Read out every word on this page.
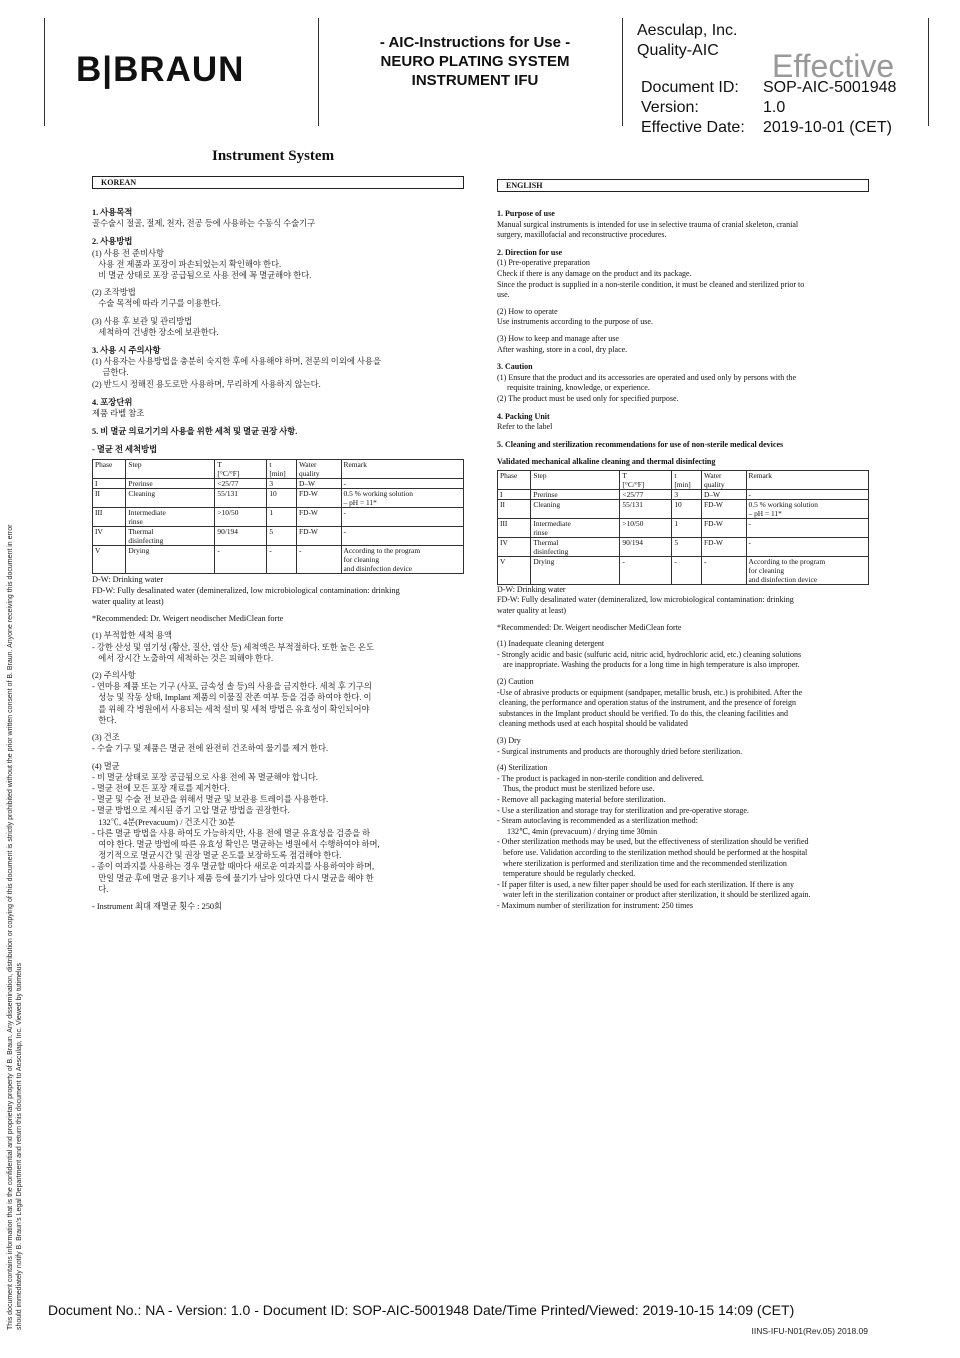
B|BRAUN
- AIC-Instructions for Use -
NEURO PLATING SYSTEM
INSTRUMENT IFU
Aesculap, Inc.
Quality-AIC	Effective
Document ID:	SOP-AIC-5001948
Version:	1.0
Effective Date:	2019-10-01 (CET)
Instrument System
KOREAN

1. 사용목적

골수술시 절골, 절제, 천자, 전공 등에 사용하는 수동식 수술기구

2. 사용방법

(1) 사용 전 준비사항

사용 전 제품과 포장이 파손되었는지 확인해야 한다.

비 멸균 상태로 포장 공급됨으로 사용 전에 꼭 멸균해야 한다.

(2) 조작방법

수술 목적에 따라 기구를 이용한다.

(3) 사용 후 보관 및 관리방법

세척하여 건냉한 장소에 보관한다.

3. 사용 시 주의사항

(1) 사용자는 사용방법을 충분히 숙지한 후에 사용해야 하며, 전문의 이외에 사용을

금한다.

(2) 반드시 정해진 용도로만 사용하며, 무리하게 사용하지 않는다.

4. 포장단위

제품 라벨 참조

5. 비 멸균 의료기기의 사용을 위한 세척 및 멸균 권장 사항.

- 멸균 전 세척방법

Phase	Step	T
[°C/°F]	t
[min]	Water
quality	Remark
I	Prerinse	<25/77	3	D–W	-
II	Cleaning	55/131	10	FD-W	0.5 % working solution
– pH = 11*
III	Intermediate
rinse	>10/50	1	FD-W	-
IV	Thermal
disinfecting	90/194	5	FD-W	-
V	Drying	-	-	-	According to the program
for cleaning
and disinfection device

D-W: Drinking water

FD-W: Fully desalinated water (demineralized, low microbiological contamination: drinking

water quality at least)

*Recommended: Dr. Weigert neodischer MediClean forte

(1) 부적합한 세척 용액

- 강한 산성 및 염기성 (황산, 질산, 염산 등) 세척액은 부적절하다. 또한 높은 온도

에서 장시간 노출하여 세척하는 것은 피해야 한다.

(2) 주의사항

- 연마용 제품 또는 기구 (사포, 금속성 솔 등)의 사용을 금지한다. 세척 후 기구의

성능 및 작동 상태, Implant 제품의 이물질 잔존 여부 등을 검증 하여야 한다. 이

를 위해 각 병원에서 사용되는 세척 설비 및 세척 방법은 유효성이 확인되어야

한다.

(3) 건조

- 수술 기구 및 제품은 멸균 전에 완전히 건조하여 물기를 제거 한다.

(4) 멸균

- 비 멸균 상태로 포장 공급됨으로 사용 전에 꼭 멸균해야 합니다.

- 멸균 전에 모든 포장 재료를 제거한다.

- 멸균 및 수술 전 보관을 위해서 멸균 및 보관용 트레이를 사용한다.

- 멸균 방법으로 제시된 증기 고압 멸균 방법을 권장한다.

132℃, 4분(Prevacuum) / 건조시간 30분

- 다른 멸균 방법을 사용 하여도 가능하지만, 사용 전에 멸균 유효성을 검증을 하

여야 한다. 멸균 방법에 따른 유효성 확인은 멸균하는 병원에서 수행하여야 하며,

정기적으로 멸균시간 및 권장 멸균 온도를 보장하도록 점검해야 한다.

- 종이 여과지를 사용하는 경우 멸균할 때마다 새로운 여과지를 사용하여야 하며,

만일 멸균 후에 멸균 용기나 제품 등에 물기가 남아 있다면 다시 멸균을 해야 한

다.

- Instrument 최대 재멸균 횟수 : 250회

ENGLISH

1. Purpose of use

Manual surgical instruments is intended for use in selective trauma of cranial skeleton, cranial

surgery, maxillofacial and reconstructive procedures.

2. Direction for use

(1) Pre-operative preparation

Check if there is any damage on the product and its package.

Since the product is supplied in a non-sterile condition, it must be cleaned and sterilized prior to

use.

(2) How to operate

Use instruments according to the purpose of use.

(3) How to keep and manage after use

After washing, store in a cool, dry place.

3. Caution

(1) Ensure that the product and its accessories are operated and used only by persons with the

requisite training, knowledge, or experience.

(2) The product must be used only for specified purpose.

4. Packing Unit

Refer to the label

5. Cleaning and sterilization recommendations for use of non-sterile medical devices

Validated mechanical alkaline cleaning and thermal disinfecting

Phase	Step	T
[°C/°F]	t
[min]	Water
quality	Remark
I	Prerinse	<25/77	3	D–W	-
II	Cleaning	55/131	10	FD-W	0.5 % working solution
– pH = 11*
III	Intermediate
rinse	>10/50	1	FD-W	-
IV	Thermal
disinfecting	90/194	5	FD-W	-
V	Drying	-	-	-	According to the program
for cleaning
and disinfection device

D-W: Drinking water

FD-W: Fully desalinated water (demineralized, low microbiological contamination: drinking

water quality at least)

*Recommended: Dr. Weigert neodischer MediClean forte

(1) Inadequate cleaning detergent

- Strongly acidic and basic (sulfuric acid, nitric acid, hydrochloric acid, etc.) cleaning solutions

are inappropriate. Washing the products for a long time in high temperature is also improper.

(2) Caution

-Use of abrasive products or equipment (sandpaper, metallic brush, etc.) is prohibited. After the

cleaning, the performance and operation status of the instrument, and the presence of foreign

substances in the Implant product should be verified. To do this, the cleaning facilities and

cleaning methods used at each hospital should be validated

(3) Dry

- Surgical instruments and products are thoroughly dried before sterilization.

(4) Sterilization

- The product is packaged in non-sterile condition and delivered.

Thus, the product must be sterilized before use.

- Remove all packaging material before sterilization.

- Use a sterilization and storage tray for sterilization and pre-operative storage.

- Steam autoclaving is recommended as a sterilization method:

132℃, 4min (prevacuum) / drying time 30min

- Other sterilization methods may be used, but the effectiveness of sterilization should be verified

before use. Validation according to the sterilization method should be performed at the hospital

where sterilization is performed and sterilization time and the recommended sterilization

temperature should be regularly checked.

- If paper filter is used, a new filter paper should be used for each sterilization. If there is any

water left in the sterilization container or product after sterilization, it should be sterilized again.

- Maximum number of sterilization for instrument: 250 times

This document contains information that is the confidential and proprietary property of B. Braun. Any dissemination, distribution or copying of this document is strictly prohibited without the prior written consent of B. Braun. Anyone receiving this document in error should immediately notify B. Braun's Legal Department and return this document to Aesculap, Inc. Viewed by tutimelus Document No.: NA - Version: 1.0 - Document ID: SOP-AIC-5001948 Date/Time Printed/Viewed: 2019-10-15 14:09 (CET)
IINS-IFU-N01(Rev.05) 2018.09
